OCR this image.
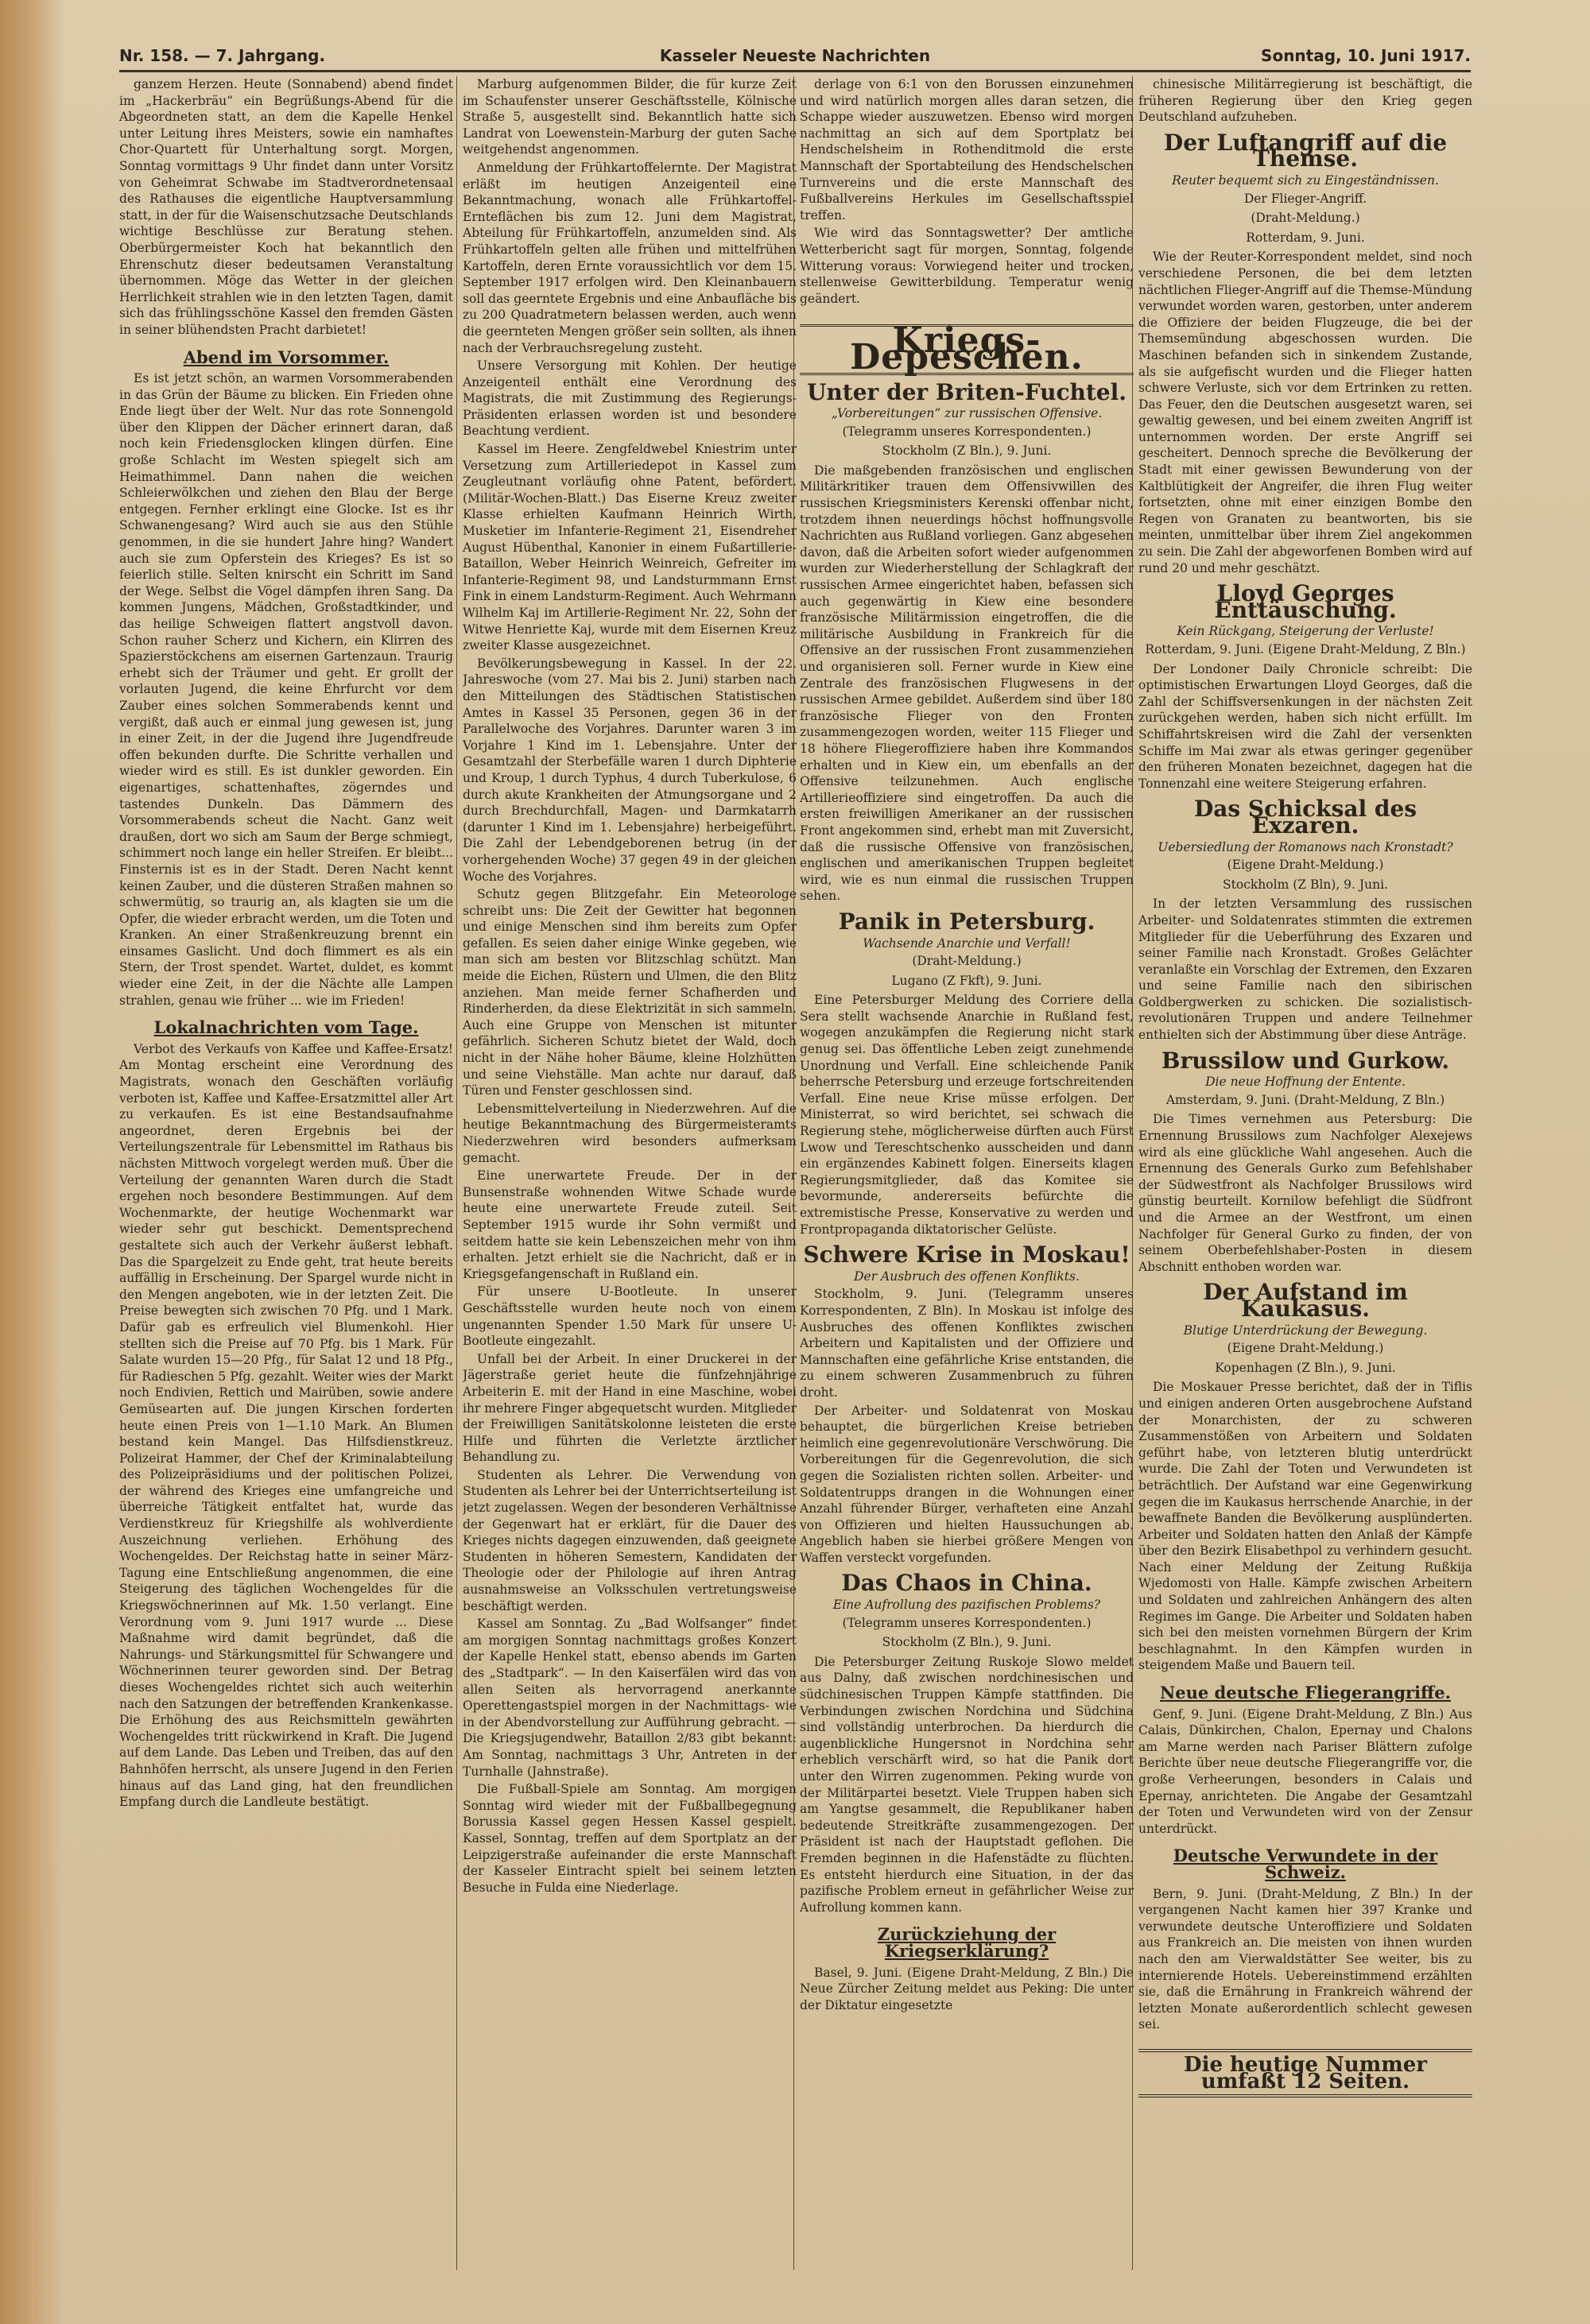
Nr. 158. — 7. Jahrgang.	Kasseler Neueste Nachrichten	Sonntag, 10. Juni 1917.

ganzem Herzen. Heute (Sonnabend) abend findet im „Hackerbräu“ ein Begrüßungs-Abend für die Abgeordneten statt, an dem die Kapelle Henkel unter Leitung ihres Meisters, sowie ein namhaftes Chor-Quartett für Unterhaltung sorgt. Morgen, Sonntag vormittags 9 Uhr findet dann unter Vorsitz von Geheimrat Schwabe im Stadtverordnetensaal des Rathauses die eigentliche Hauptversammlung statt, in der für die Waisenschutzsache Deutschlands wichtige Beschlüsse zur Beratung stehen. Oberbürgermeister Koch hat bekanntlich den Ehrenschutz dieser bedeutsamen Veranstaltung übernommen. Möge das Wetter in der gleichen Herrlichkeit strahlen wie in den letzten Tagen, damit sich das frühlingsschöne Kassel den fremden Gästen in seiner blühendsten Pracht darbietet!

Abend im Vorsommer.

Es ist jetzt schön, an warmen Vorsommerabenden in das Grün der Bäume zu blicken. Ein Frieden ohne Ende liegt über der Welt. Nur das rote Sonnengold über den Klippen der Dächer erinnert daran, daß noch kein Friedensglocken klingen dürfen. Eine große Schlacht im Westen spiegelt sich am Heimathimmel. Dann nahen die weichen Schleierwölkchen und ziehen den Blau der Berge entgegen. Fernher erklingt eine Glocke. Ist es ihr Schwanengesang? Wird auch sie aus den Stühle genommen, in die sie hundert Jahre hing? Wandert auch sie zum Opferstein des Krieges? Es ist so feierlich stille. Selten knirscht ein Schritt im Sand der Wege. Selbst die Vögel dämpfen ihren Sang. Da kommen Jungens, Mädchen, Großstadtkinder, und das heilige Schweigen flattert angstvoll davon. Schon rauher Scherz und Kichern, ein Klirren des Spazierstöckchens am eisernen Gartenzaun. Traurig erhebt sich der Träumer und geht. Er grollt der vorlauten Jugend, die keine Ehrfurcht vor dem Zauber eines solchen Sommerabends kennt und vergißt, daß auch er einmal jung gewesen ist, jung in einer Zeit, in der die Jugend ihre Jugendfreude offen bekunden durfte. Die Schritte verhallen und wieder wird es still. Es ist dunkler geworden. Ein eigenartiges, schattenhaftes, zögerndes und tastendes Dunkeln. Das Dämmern des Vorsommerabends scheut die Nacht. Ganz weit draußen, dort wo sich am Saum der Berge schmiegt, schimmert noch lange ein heller Streifen. Er bleibt... Finsternis ist es in der Stadt. Deren Nacht kennt keinen Zauber, und die düsteren Straßen mahnen so schwermütig, so traurig an, als klagten sie um die Opfer, die wieder erbracht werden, um die Toten und Kranken. An einer Straßenkreuzung brennt ein einsames Gaslicht. Und doch flimmert es als ein Stern, der Trost spendet. Wartet, duldet, es kommt wieder eine Zeit, in der die Nächte alle Lampen strahlen, genau wie früher ... wie im Frieden!

Lokalnachrichten vom Tage.

Verbot des Verkaufs von Kaffee und Kaffee-Ersatz! Am Montag erscheint eine Verordnung des Magistrats, wonach den Geschäften vorläufig verboten ist, Kaffee und Kaffee-Ersatzmittel aller Art zu verkaufen. Es ist eine Bestandsaufnahme angeordnet, deren Ergebnis bei der Verteilungszentrale für Lebensmittel im Rathaus bis nächsten Mittwoch vorgelegt werden muß. Über die Verteilung der genannten Waren durch die Stadt ergehen noch besondere Bestimmungen. Auf dem Wochenmarkte, der heutige Wochenmarkt war wieder sehr gut beschickt. Dementsprechend gestaltete sich auch der Verkehr äußerst lebhaft. Das die Spargelzeit zu Ende geht, trat heute bereits auffällig in Erscheinung. Der Spargel wurde nicht in den Mengen angeboten, wie in der letzten Zeit. Die Preise bewegten sich zwischen 70 Pfg. und 1 Mark. Dafür gab es erfreulich viel Blumenkohl. Hier stellten sich die Preise auf 70 Pfg. bis 1 Mark. Für Salate wurden 15—20 Pfg., für Salat 12 und 18 Pfg., für Radieschen 5 Pfg. gezahlt. Weiter wies der Markt noch Endivien, Rettich und Mairüben, sowie andere Gemüsearten auf. Die jungen Kirschen forderten heute einen Preis von 1—1.10 Mark. An Blumen bestand kein Mangel. Das Hilfsdienstkreuz. Polizeirat Hammer, der Chef der Kriminalabteilung des Polizeipräsidiums und der politischen Polizei, der während des Krieges eine umfangreiche und überreiche Tätigkeit entfaltet hat, wurde das Verdienstkreuz für Kriegshilfe als wohlverdiente Auszeichnung verliehen. Erhöhung des Wochengeldes. Der Reichstag hatte in seiner März-Tagung eine Entschließung angenommen, die eine Steigerung des täglichen Wochengeldes für die Kriegswöchnerinnen auf Mk. 1.50 verlangt. Eine Verordnung vom 9. Juni 1917 wurde ... Diese Maßnahme wird damit begründet, daß die Nahrungs- und Stärkungsmittel für Schwangere und Wöchnerinnen teurer geworden sind. Der Betrag dieses Wochengeldes richtet sich auch weiterhin nach den Satzungen der betreffenden Krankenkasse. Die Erhöhung des aus Reichsmitteln gewährten Wochengeldes tritt rückwirkend in Kraft. Die Jugend auf dem Lande. Das Leben und Treiben, das auf den Bahnhöfen herrscht, als unsere Jugend in den Ferien hinaus auf das Land ging, hat den freundlichen Empfang durch die Landleute bestätigt.

Marburg aufgenommen Bilder, die für kurze Zeit im Schaufenster unserer Geschäftsstelle, Kölnische Straße 5, ausgestellt sind. Bekanntlich hatte sich Landrat von Loewenstein-Marburg der guten Sache weitgehendst angenommen.

Anmeldung der Frühkartoffelernte. Der Magistrat erläßt im heutigen Anzeigenteil eine Bekanntmachung, wonach alle Frühkartoffel-Ernteflächen bis zum 12. Juni dem Magistrat, Abteilung für Frühkartoffeln, anzumelden sind. Als Frühkartoffeln gelten alle frühen und mittelfrühen Kartoffeln, deren Ernte voraussichtlich vor dem 15. September 1917 erfolgen wird. Den Kleinanbauern soll das geerntete Ergebnis und eine Anbaufläche bis zu 200 Quadratmetern belassen werden, auch wenn die geernteten Mengen größer sein sollten, als ihnen nach der Verbrauchsregelung zusteht.

Unsere Versorgung mit Kohlen. Der heutige Anzeigenteil enthält eine Verordnung des Magistrats, die mit Zustimmung des Regierungs-Präsidenten erlassen worden ist und besondere Beachtung verdient.

Kassel im Heere. Zengfeldwebel Kniestrim unter Versetzung zum Artilleriedepot in Kassel zum Zeugleutnant vorläufig ohne Patent, befördert. (Militär-Wochen-Blatt.) Das Eiserne Kreuz zweiter Klasse erhielten Kaufmann Heinrich Wirth, Musketier im Infanterie-Regiment 21, Eisendreher August Hübenthal, Kanonier in einem Fußartillerie-Bataillon, Weber Heinrich Weinreich, Gefreiter im Infanterie-Regiment 98, und Landsturmmann Ernst Fink in einem Landsturm-Regiment. Auch Wehrmann Wilhelm Kaj im Artillerie-Regiment Nr. 22, Sohn der Witwe Henriette Kaj, wurde mit dem Eisernen Kreuz zweiter Klasse ausgezeichnet.

Bevölkerungsbewegung in Kassel. In der 22. Jahreswoche (vom 27. Mai bis 2. Juni) starben nach den Mitteilungen des Städtischen Statistischen Amtes in Kassel 35 Personen, gegen 36 in der Parallelwoche des Vorjahres. Darunter waren 3 im Vorjahre 1 Kind im 1. Lebensjahre. Unter der Gesamtzahl der Sterbefälle waren 1 durch Diphterie und Kroup, 1 durch Typhus, 4 durch Tuberkulose, 6 durch akute Krankheiten der Atmungsorgane und 2 durch Brechdurchfall, Magen- und Darmkatarrh (darunter 1 Kind im 1. Lebensjahre) herbeigeführt. Die Zahl der Lebendgeborenen betrug (in der vorhergehenden Woche) 37 gegen 49 in der gleichen Woche des Vorjahres.

Schutz gegen Blitzgefahr. Ein Meteorologe schreibt uns: Die Zeit der Gewitter hat begonnen und einige Menschen sind ihm bereits zum Opfer gefallen. Es seien daher einige Winke gegeben, wie man sich am besten vor Blitzschlag schützt. Man meide die Eichen, Rüstern und Ulmen, die den Blitz anziehen. Man meide ferner Schafherden und Rinderherden, da diese Elektrizität in sich sammeln. Auch eine Gruppe von Menschen ist mitunter gefährlich. Sicheren Schutz bietet der Wald, doch nicht in der Nähe hoher Bäume, kleine Holzhütten und seine Viehställe. Man achte nur darauf, daß Türen und Fenster geschlossen sind.

Lebensmittelverteilung in Niederzwehren. Auf die heutige Bekanntmachung des Bürgermeisteramts Niederzwehren wird besonders aufmerksam gemacht.

Eine unerwartete Freude. Der in der Bunsenstraße wohnenden Witwe Schade wurde heute eine unerwartete Freude zuteil. Seit September 1915 wurde ihr Sohn vermißt und seitdem hatte sie kein Lebenszeichen mehr von ihm erhalten. Jetzt erhielt sie die Nachricht, daß er in Kriegsgefangenschaft in Rußland ein.

Für unsere U-Bootleute. In unserer Geschäftsstelle wurden heute noch von einem ungenannten Spender 1.50 Mark für unsere U-Bootleute eingezahlt.

Unfall bei der Arbeit. In einer Druckerei in der Jägerstraße geriet heute die fünfzehnjährige Arbeiterin E. mit der Hand in eine Maschine, wobei ihr mehrere Finger abgequetscht wurden. Mitglieder der Freiwilligen Sanitätskolonne leisteten die erste Hilfe und führten die Verletzte ärztlicher Behandlung zu.

Studenten als Lehrer. Die Verwendung von Studenten als Lehrer bei der Unterrichtserteilung ist jetzt zugelassen. Wegen der besonderen Verhältnisse der Gegenwart hat er erklärt, für die Dauer des Krieges nichts dagegen einzuwenden, daß geeignete Studenten in höheren Semestern, Kandidaten der Theologie oder der Philologie auf ihren Antrag ausnahmsweise an Volksschulen vertretungsweise beschäftigt werden.

Kassel am Sonntag. Zu „Bad Wolfsanger“ findet am morgigen Sonntag nachmittags großes Konzert der Kapelle Henkel statt, ebenso abends im Garten des „Stadtpark“. — In den Kaiserfälen wird das von allen Seiten als hervorragend anerkannte Operettengastspiel morgen in der Nachmittags- wie in der Abendvorstellung zur Aufführung gebracht. — Die Kriegsjugendwehr, Bataillon 2/83 gibt bekannt: Am Sonntag, nachmittags 3 Uhr, Antreten in der Turnhalle (Jahnstraße).

Die Fußball-Spiele am Sonntag. Am morgigen Sonntag wird wieder mit der Fußballbegegnung Borussia Kassel gegen Hessen Kassel gespielt. Kassel, Sonntag, treffen auf dem Sportplatz an der Leipzigerstraße aufeinander die erste Mannschaft der Kasseler Eintracht spielt bei seinem letzten Besuche in Fulda eine Niederlage.

derlage von 6:1 von den Borussen einzunehmen und wird natürlich morgen alles daran setzen, die Schappe wieder auszuwetzen. Ebenso wird morgen nachmittag an sich auf dem Sportplatz bei Hendschelsheim in Rothenditmold die erste Mannschaft der Sportabteilung des Hendschelschen Turnvereins und die erste Mannschaft des Fußballvereins Herkules im Gesellschaftsspiel treffen.

Wie wird das Sonntagswetter? Der amtliche Wetterbericht sagt für morgen, Sonntag, folgende Witterung voraus: Vorwiegend heiter und trocken, stellenweise Gewitterbildung. Temperatur wenig geändert.

Kriegs-Depeschen.
Unter der Briten-Fuchtel.
„Vorbereitungen“ zur russischen Offensive.
(Telegramm unseres Korrespondenten.)
Stockholm (Z Bln.), 9. Juni.

Die maßgebenden französischen und englischen Militärkritiker trauen dem Offensivwillen des russischen Kriegsministers Kerenski offenbar nicht, trotzdem ihnen neuerdings höchst hoffnungsvolle Nachrichten aus Rußland vorliegen. Ganz abgesehen davon, daß die Arbeiten sofort wieder aufgenommen wurden zur Wiederherstellung der Schlagkraft der russischen Armee eingerichtet haben, befassen sich auch gegenwärtig in Kiew eine besondere französische Militärmission eingetroffen, die die militärische Ausbildung in Frankreich für die Offensive an der russischen Front zusammenziehen und organisieren soll. Ferner wurde in Kiew eine Zentrale des französischen Flugwesens in der russischen Armee gebildet. Außerdem sind über 180 französische Flieger von den Fronten zusammengezogen worden, weiter 115 Flieger und 18 höhere Fliegeroffiziere haben ihre Kommandos erhalten und in Kiew ein, um ebenfalls an der Offensive teilzunehmen. Auch englische Artillerieoffiziere sind eingetroffen. Da auch die ersten freiwilligen Amerikaner an der russischen Front angekommen sind, erhebt man mit Zuversicht, daß die russische Offensive von französischen, englischen und amerikanischen Truppen begleitet wird, wie es nun einmal die russischen Truppen sehen.

Panik in Petersburg.
Wachsende Anarchie und Verfall!
(Draht-Meldung.)
Lugano (Z Fkft), 9. Juni.

Eine Petersburger Meldung des Corriere della Sera stellt wachsende Anarchie in Rußland fest, wogegen anzukämpfen die Regierung nicht stark genug sei. Das öffentliche Leben zeigt zunehmende Unordnung und Verfall. Eine schleichende Panik beherrsche Petersburg und erzeuge fortschreitenden Verfall. Eine neue Krise müsse erfolgen. Der Ministerrat, so wird berichtet, sei schwach die Regierung stehe, möglicherweise dürften auch Fürst Lwow und Tereschtschenko ausscheiden und dann ein ergänzendes Kabinett folgen. Einerseits klagen Regierungsmitglieder, daß das Komitee sie bevormunde, andererseits befürchte die extremistische Presse, Konservative zu werden und Frontpropaganda diktatorischer Gelüste.

Schwere Krise in Moskau!
Der Ausbruch des offenen Konflikts.

Stockholm, 9. Juni. (Telegramm unseres Korrespondenten, Z Bln). In Moskau ist infolge des Ausbruches des offenen Konfliktes zwischen Arbeitern und Kapitalisten und der Offiziere und Mannschaften eine gefährliche Krise entstanden, die zu einem schweren Zusammenbruch zu führen droht.

Der Arbeiter- und Soldatenrat von Moskau behauptet, die bürgerlichen Kreise betrieben heimlich eine gegenrevolutionäre Verschwörung. Die Vorbereitungen für die Gegenrevolution, die sich gegen die Sozialisten richten sollen. Arbeiter- und Soldatentrupps drangen in die Wohnungen einer Anzahl führender Bürger, verhafteten eine Anzahl von Offizieren und hielten Haussuchungen ab. Angeblich haben sie hierbei größere Mengen von Waffen versteckt vorgefunden.

Das Chaos in China.
Eine Aufrollung des pazifischen Problems?
(Telegramm unseres Korrespondenten.)
Stockholm (Z Bln.), 9. Juni.

Die Petersburger Zeitung Ruskoje Slowo meldet aus Dalny, daß zwischen nordchinesischen und südchinesischen Truppen Kämpfe stattfinden. Die Verbindungen zwischen Nordchina und Südchina sind vollständig unterbrochen. Da hierdurch die augenblickliche Hungersnot in Nordchina sehr erheblich verschärft wird, so hat die Panik dort unter den Wirren zugenommen. Peking wurde von der Militärpartei besetzt. Viele Truppen haben sich am Yangtse gesammelt, die Republikaner haben bedeutende Streitkräfte zusammengezogen. Der Präsident ist nach der Hauptstadt geflohen. Die Fremden beginnen in die Hafenstädte zu flüchten. Es entsteht hierdurch eine Situation, in der das pazifische Problem erneut in gefährlicher Weise zur Aufrollung kommen kann.

Zurückziehung der Kriegserklärung?

Basel, 9. Juni. (Eigene Draht-Meldung, Z Bln.) Die Neue Zürcher Zeitung meldet aus Peking: Die unter der Diktatur eingesetzte

chinesische Militärregierung ist beschäftigt, die früheren Regierung über den Krieg gegen Deutschland aufzuheben.

Der Luftangriff auf die Themse.
Reuter bequemt sich zu Eingeständnissen.
Der Flieger-Angriff.
(Draht-Meldung.)
Rotterdam, 9. Juni.

Wie der Reuter-Korrespondent meldet, sind noch verschiedene Personen, die bei dem letzten nächtlichen Flieger-Angriff auf die Themse-Mündung verwundet worden waren, gestorben, unter anderem die Offiziere der beiden Flugzeuge, die bei der Themsemündung abgeschossen wurden. Die Maschinen befanden sich in sinkendem Zustande, als sie aufgefischt wurden und die Flieger hatten schwere Verluste, sich vor dem Ertrinken zu retten. Das Feuer, den die Deutschen ausgesetzt waren, sei gewaltig gewesen, und bei einem zweiten Angriff ist unternommen worden. Der erste Angriff sei gescheitert. Dennoch spreche die Bevölkerung der Stadt mit einer gewissen Bewunderung von der Kaltblütigkeit der Angreifer, die ihren Flug weiter fortsetzten, ohne mit einer einzigen Bombe den Regen von Granaten zu beantworten, bis sie meinten, unmittelbar über ihrem Ziel angekommen zu sein. Die Zahl der abgeworfenen Bomben wird auf rund 20 und mehr geschätzt.

Lloyd Georges Enttäuschung.
Kein Rückgang, Steigerung der Verluste!
Rotterdam, 9. Juni. (Eigene Draht-Meldung, Z Bln.)

Der Londoner Daily Chronicle schreibt: Die optimistischen Erwartungen Lloyd Georges, daß die Zahl der Schiffsversenkungen in der nächsten Zeit zurückgehen werden, haben sich nicht erfüllt. Im Schiffahrtskreisen wird die Zahl der versenkten Schiffe im Mai zwar als etwas geringer gegenüber den früheren Monaten bezeichnet, dagegen hat die Tonnenzahl eine weitere Steigerung erfahren.

Das Schicksal des Exzaren.
Uebersiedlung der Romanows nach Kronstadt?
(Eigene Draht-Meldung.)
Stockholm (Z Bln), 9. Juni.

In der letzten Versammlung des russischen Arbeiter- und Soldatenrates stimmten die extremen Mitglieder für die Ueberführung des Exzaren und seiner Familie nach Kronstadt. Großes Gelächter veranlaßte ein Vorschlag der Extremen, den Exzaren und seine Familie nach den sibirischen Goldbergwerken zu schicken. Die sozialistisch-revolutionären Truppen und andere Teilnehmer enthielten sich der Abstimmung über diese Anträge.

Brussilow und Gurkow.
Die neue Hoffnung der Entente.
Amsterdam, 9. Juni. (Draht-Meldung, Z Bln.)

Die Times vernehmen aus Petersburg: Die Ernennung Brussilows zum Nachfolger Alexejews wird als eine glückliche Wahl angesehen. Auch die Ernennung des Generals Gurko zum Befehlshaber der Südwestfront als Nachfolger Brussilows wird günstig beurteilt. Kornilow befehligt die Südfront und die Armee an der Westfront, um einen Nachfolger für General Gurko zu finden, der von seinem Oberbefehlshaber-Posten in diesem Abschnitt enthoben worden war.

Der Aufstand im Kaukasus.
Blutige Unterdrückung der Bewegung.
(Eigene Draht-Meldung.)
Kopenhagen (Z Bln.), 9. Juni.

Die Moskauer Presse berichtet, daß der in Tiflis und einigen anderen Orten ausgebrochene Aufstand der Monarchisten, der zu schweren Zusammenstößen von Arbeitern und Soldaten geführt habe, von letzteren blutig unterdrückt wurde. Die Zahl der Toten und Verwundeten ist beträchtlich. Der Aufstand war eine Gegenwirkung gegen die im Kaukasus herrschende Anarchie, in der bewaffnete Banden die Bevölkerung ausplünderten. Arbeiter und Soldaten hatten den Anlaß der Kämpfe über den Bezirk Elisabethpol zu verhindern gesucht. Nach einer Meldung der Zeitung Rußkija Wjedomosti von Halle. Kämpfe zwischen Arbeitern und Soldaten und zahlreichen Anhängern des alten Regimes im Gange. Die Arbeiter und Soldaten haben sich bei den meisten vornehmen Bürgern der Krim beschlagnahmt. In den Kämpfen wurden in steigendem Maße und Bauern teil.

Neue deutsche Fliegerangriffe.

Genf, 9. Juni. (Eigene Draht-Meldung, Z Bln.) Aus Calais, Dünkirchen, Chalon, Epernay und Chalons am Marne werden nach Pariser Blättern zufolge Berichte über neue deutsche Fliegerangriffe vor, die große Verheerungen, besonders in Calais und Epernay, anrichteten. Die Angabe der Gesamtzahl der Toten und Verwundeten wird von der Zensur unterdrückt.

Deutsche Verwundete in der Schweiz.

Bern, 9. Juni. (Draht-Meldung, Z Bln.) In der vergangenen Nacht kamen hier 397 Kranke und verwundete deutsche Unteroffiziere und Soldaten aus Frankreich an. Die meisten von ihnen wurden nach den am Vierwaldstätter See weiter, bis zu internierende Hotels. Uebereinstimmend erzählten sie, daß die Ernährung in Frankreich während der letzten Monate außerordentlich schlecht gewesen sei.

Die heutige Nummer umfaßt 12 Seiten.
